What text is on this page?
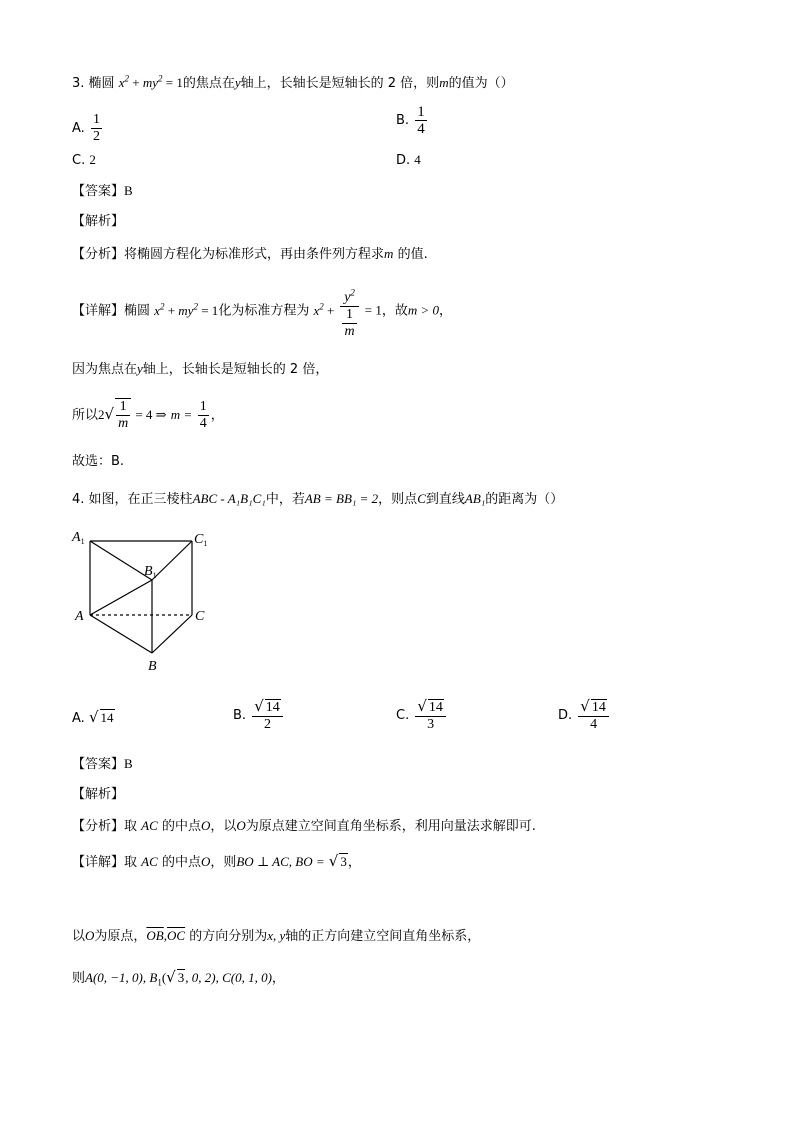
3. 椭圆 $x^2 + my^2 = 1$的焦点在y轴上，长轴长是短轴长的 2 倍，则m的值为（）
A. $\frac{1}{2}$	B. $\frac{1}{4}$
C. 2	D. 4
【答案】B
【解析】
【分析】将椭圆方程化为标准形式，再由条件列方程求m 的值.
【详解】椭圆 $x^2 + my^2 = 1$化为标准方程为 $x^2 + \frac{y^2}{\frac{1}{m}} = 1$，故m > 0，
因为焦点在y轴上，长轴长是短轴长的 2 倍，
所以$2√ \frac{1}{m} = 4$ ⇒ $m = \frac{1}{4}$ ，
故选：B.
4. 如图，在正三棱柱ABC - A₁B₁C₁中，若AB = BB₁ = 2，则点C到直线AB₁的距离为（）
$A_1$	$C_1$
$B_1$
A	C
B
A. √ 14	B. $\frac{√ 14}{2}$	C. $\frac{√ 14}{3}$	D. $\frac{√ 14}{4}$
【答案】B
【解析】
【分析】取 AC 的中点O，以O为原点建立空间直角坐标系，利用向量法求解即可.
【详解】取 AC 的中点O，则BO ⊥ AC, BO = √ 3，
以O为原点，$\overline{OB},\overline{OC}$ 的方向分别为x, y轴的正方向建立空间直角坐标系，
则A(0, −1, 0), $B_1(√$ 3, 0, 2), C(0, 1, 0)，
